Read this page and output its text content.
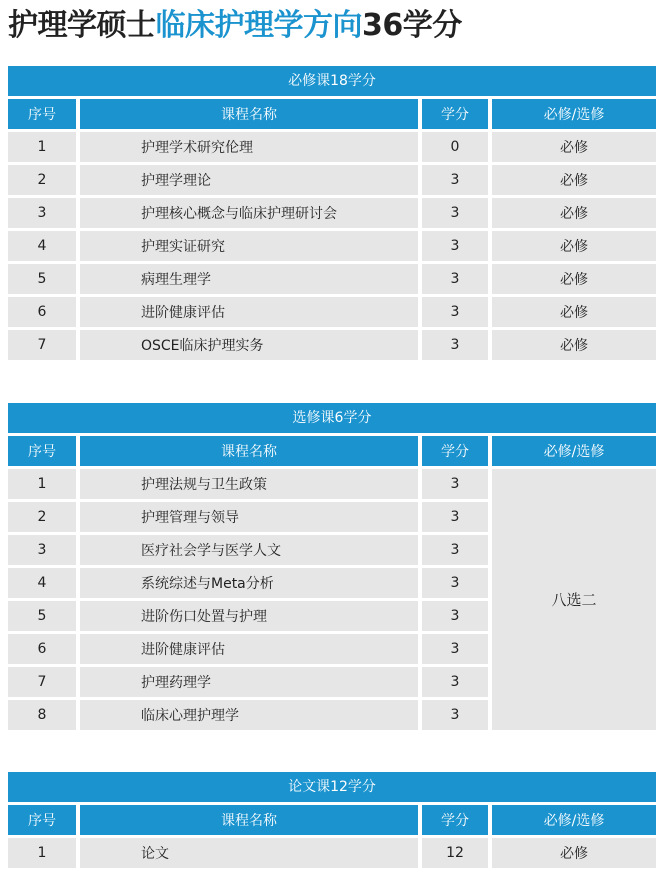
护理学硕士临床护理学方向36学分
必修课18学分
序号		课程名称		学分		必修/选修
1		护理学术研究伦理		0		必修
2		护理学理论		3		必修
3		护理核心概念与临床护理研讨会		3		必修
4		护理实证研究		3		必修
5		病理生理学		3		必修
6		进阶健康评估		3		必修
7		OSCE临床护理实务		3		必修
选修课6学分
序号		课程名称		学分		必修/选修
1		护理法规与卫生政策		3		八选二
2		护理管理与领导		3		
3		医疗社会学与医学人文		3		
4		系统综述与Meta分析		3		
5		进阶伤口处置与护理		3		
6		进阶健康评估		3		
7		护理药理学		3		
8		临床心理护理学		3		
论文课12学分
序号		课程名称		学分		必修/选修
1		论文		12		必修
